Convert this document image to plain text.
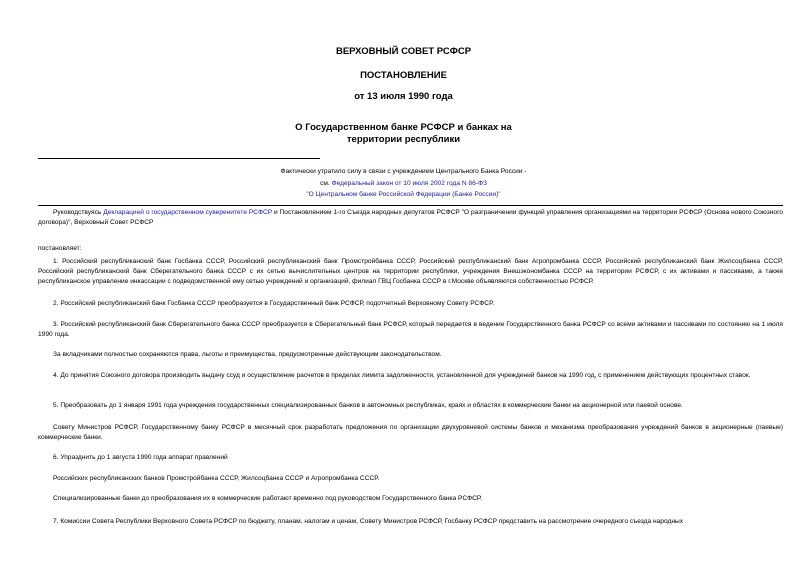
ВЕРХОВНЫЙ СОВЕТ РСФСР
ПОСТАНОВЛЕНИЕ
от 13 июля 1990 года
О Государственном банке РСФСР и банках на
территории республики
Фактически утратило силу в связи с учреждением Центрального Банка России -
см. Федеральный закон от 10 июля 2002 года N 86-ФЗ
"О Центральном банке Российской Федерации (Банке России)"
Руководствуясь Декларацией о государственном суверенитете РСФСР и Постановлением 1-го Съезда народных депутатов РСФСР "О разграничении функций управления организациями на территории РСФСР (Основа нового Союзного договора)", Верховный Совет РСФСР
постановляет:
1. Российский республиканский банк Госбанка СССР, Российский республиканский банк Промстройбанка СССР, Российский республиканский банк Агропромбанка СССР, Российский республиканский банк Жилсоцбанка СССР, Российский республиканский банк Сберегательного банка СССР с их сетью вычислительных центров на территории республики, учреждения Внешэкономбанка СССР на территории РСФСР, с их активами и пассивами, а также республиканское управление инкассации с подведомственной ему сетью учреждений и организаций, филиал ГВЦ Госбанка СССР в г.Москве объявляются собственностью РСФСР.
2. Российский республиканский банк Госбанка СССР преобразуется в Государственный банк РСФСР, подотчетный Верховному Совету РСФСР.
3. Российский республиканский банк Сберегательного банка СССР преобразуется в Сберегательный банк РСФСР, который передается в ведение Государственного банка РСФСР со всеми активами и пассивами по состоянию на 1 июля 1990 года.
За вкладчиками полностью сохраняются права, льготы и преимущества, предусмотренные действующим законодательством.
4. До принятия Союзного договора производить выдачу ссуд и осуществление расчетов в пределах лимита задолженности, установленной для учреждений банков на 1990 год, с применением действующих процентных ставок.
5. Преобразовать до 1 января 1991 года учреждения государственных специализированных банков в автономных республиках, краях и областях в коммерческие банки на акционерной или паевой основе.
Совету Министров РСФСР, Государственному банку РСФСР в месячный срок разработать предложения по организации двухуровневой системы банков и механизма преобразования учреждений банков в акционерные (паевые) коммерческие банки.
6. Упразднить до 1 августа 1990 года аппарат правлений
Российских республиканских банков Промстройбанка СССР, Жилсоцбанка СССР и Агропромбанка СССР.
Специализированные банки до преобразования их в коммерческие работают временно под руководством Государственного банка РСФСР.
7. Комиссии Совета Республики Верховного Совета РСФСР по бюджету, планам, налогам и ценам, Совету Министров РСФСР, Госбанку РСФСР представить на рассмотрение очередного съезда народных
